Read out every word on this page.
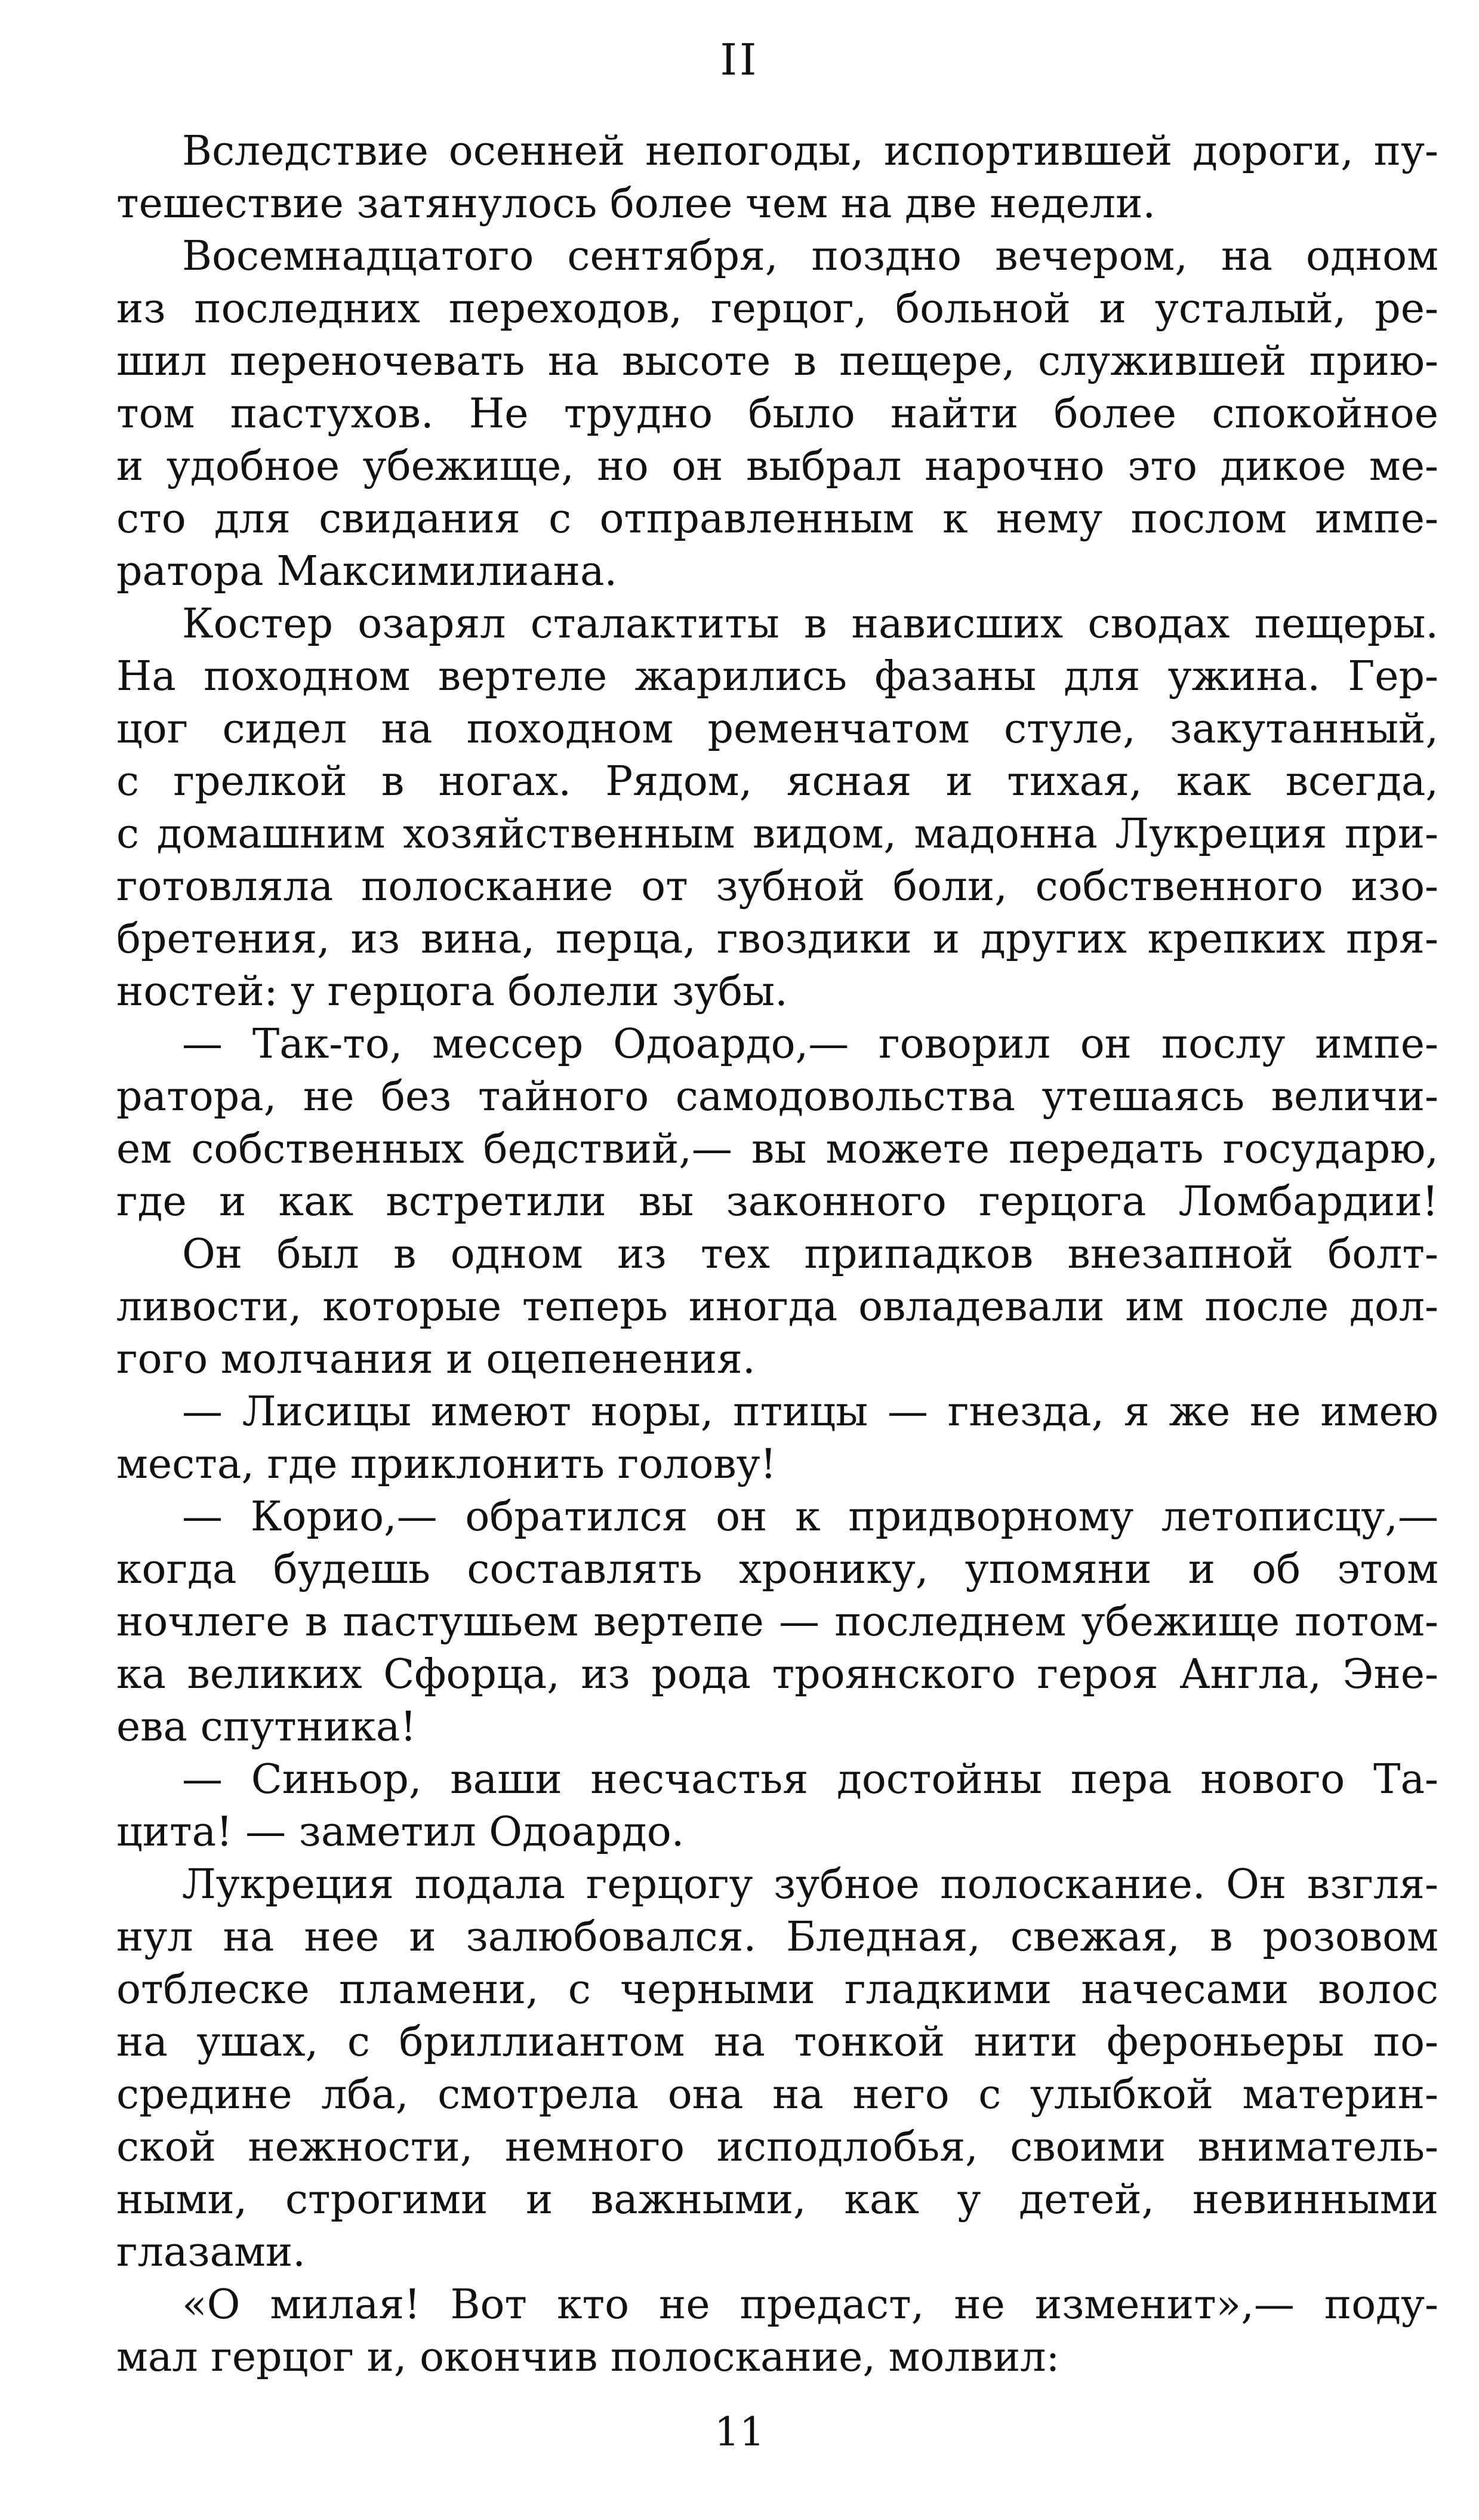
II

Вследствие осенней непогоды, испортившей дороги, пу-
тешествие затянулось более чем на две недели.

Восемнадцатого сентября, поздно вечером, на одном
из последних переходов, герцог, больной и усталый, ре-
шил переночевать на высоте в пещере, служившей прию-
том пастухов. Не трудно было найти более спокойное
и удобное убежище, но он выбрал нарочно это дикое ме-
сто для свидания с отправленным к нему послом импе-
ратора Максимилиана.

Костер озарял сталактиты в нависших сводах пещеры.
На походном вертеле жарились фазаны для ужина. Гер-
цог сидел на походном ременчатом стуле, закутанный,
с грелкой в ногах. Рядом, ясная и тихая, как всегда,
с домашним хозяйственным видом, мадонна Лукреция при-
готовляла полоскание от зубной боли, собственного изо-
бретения, из вина, перца, гвоздики и других крепких пря-
ностей: у герцога болели зубы.

— Так-то, мессер Одоардо,— говорил он послу импе-
ратора, не без тайного самодовольства утешаясь величи-
ем собственных бедствий,— вы можете передать государю,
где и как встретили вы законного герцога Ломбардии!

Он был в одном из тех припадков внезапной болт-
ливости, которые теперь иногда овладевали им после дол-
гого молчания и оцепенения.

— Лисицы имеют норы, птицы — гнезда, я же не имею
места, где приклонить голову!

— Корио,— обратился он к придворному летописцу,—
когда будешь составлять хронику, упомяни и об этом
ночлеге в пастушьем вертепе — последнем убежище потом-
ка великих Сфорца, из рода троянского героя Англа, Эне-
ева спутника!

— Синьор, ваши несчастья достойны пера нового Та-
цита! — заметил Одоардо.

Лукреция подала герцогу зубное полоскание. Он взгля-
нул на нее и залюбовался. Бледная, свежая, в розовом
отблеске пламени, с черными гладкими начесами волос
на ушах, с бриллиантом на тонкой нити фероньеры по-
средине лба, смотрела она на него с улыбкой материн-
ской нежности, немного исподлобья, своими вниматель-
ными, строгими и важными, как у детей, невинными
глазами.

«О милая! Вот кто не предаст, не изменит»,— поду-
мал герцог и, окончив полоскание, молвил:

11
